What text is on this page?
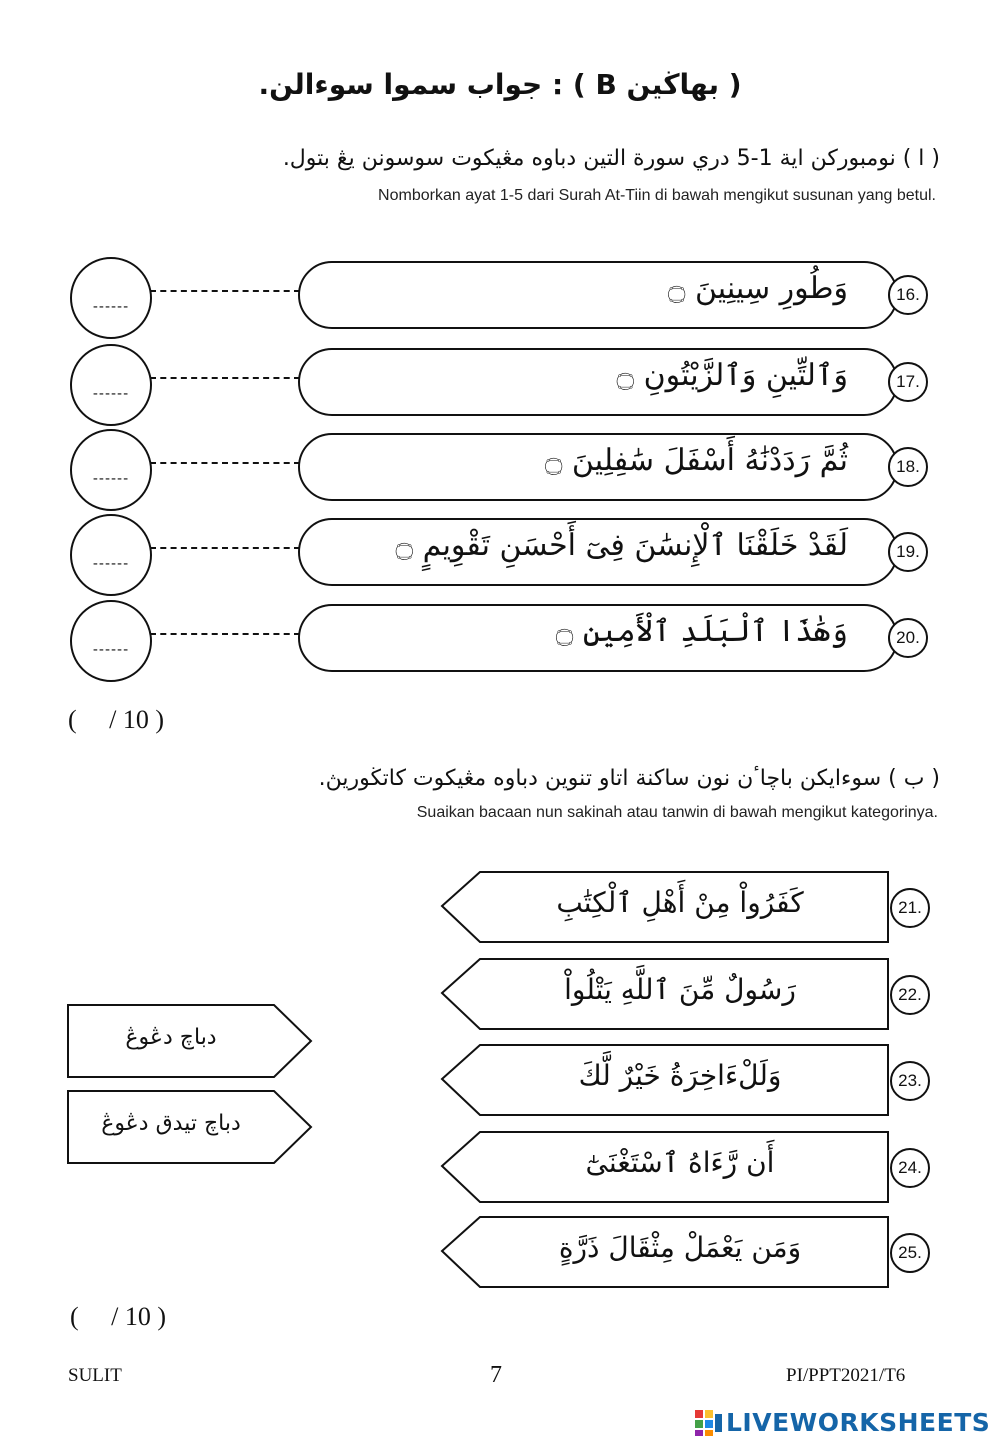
( بهاڬين B ) : جواب سموا سوءالن.
( ا ) نومبوركن اية 1-5 دري سورة التين دباوه مڠيكوت سوسونن يڠ بتول.
Nomborkan ayat 1-5 dari Surah At-Tiin di bawah mengikut susunan yang betul.
------
وَطُورِ سِينِينَ ۝	16.
------
وَٱلتِّينِ وَٱلزَّيْتُونِ ۝	17.
------
ثُمَّ رَدَدْنَٰهُ أَسْفَلَ سَٰفِلِينَ ۝	18.
------
لَقَدْ خَلَقْنَا ٱلْإِنسَٰنَ فِىٓ أَحْسَنِ تَقْوِيمٍ ۝	19.
------
وَهَٰذَا ٱلْبَلَدِ ٱلْأَمِينِ ۝	20.
(     / 10 )
( ب ) سوءايكن باچاٴن نون ساكنة اتاو تنوين دباوه مڠيكوت كاتڬوريڽ.
Suaikan bacaan nun sakinah atau tanwin di bawah mengikut kategorinya.
دباچ دڠوڠ
دباچ تيدق دڠوڠ
كَفَرُواْ مِنْ أَهْلِ ٱلْكِتَٰبِ	21.
رَسُولٌ مِّنَ ٱللَّهِ يَتْلُواْ	22.
وَلَلْءَاخِرَةُ خَيْرٌ لَّكَ	23.
أَن رَّءَاهُ ٱسْتَغْنَىٰٓ	24.
وَمَن يَعْمَلْ مِثْقَالَ ذَرَّةٍ	25.
(     / 10 )
SULIT	7	PI/PPT2021/T6
LIVEWORKSHEETS
